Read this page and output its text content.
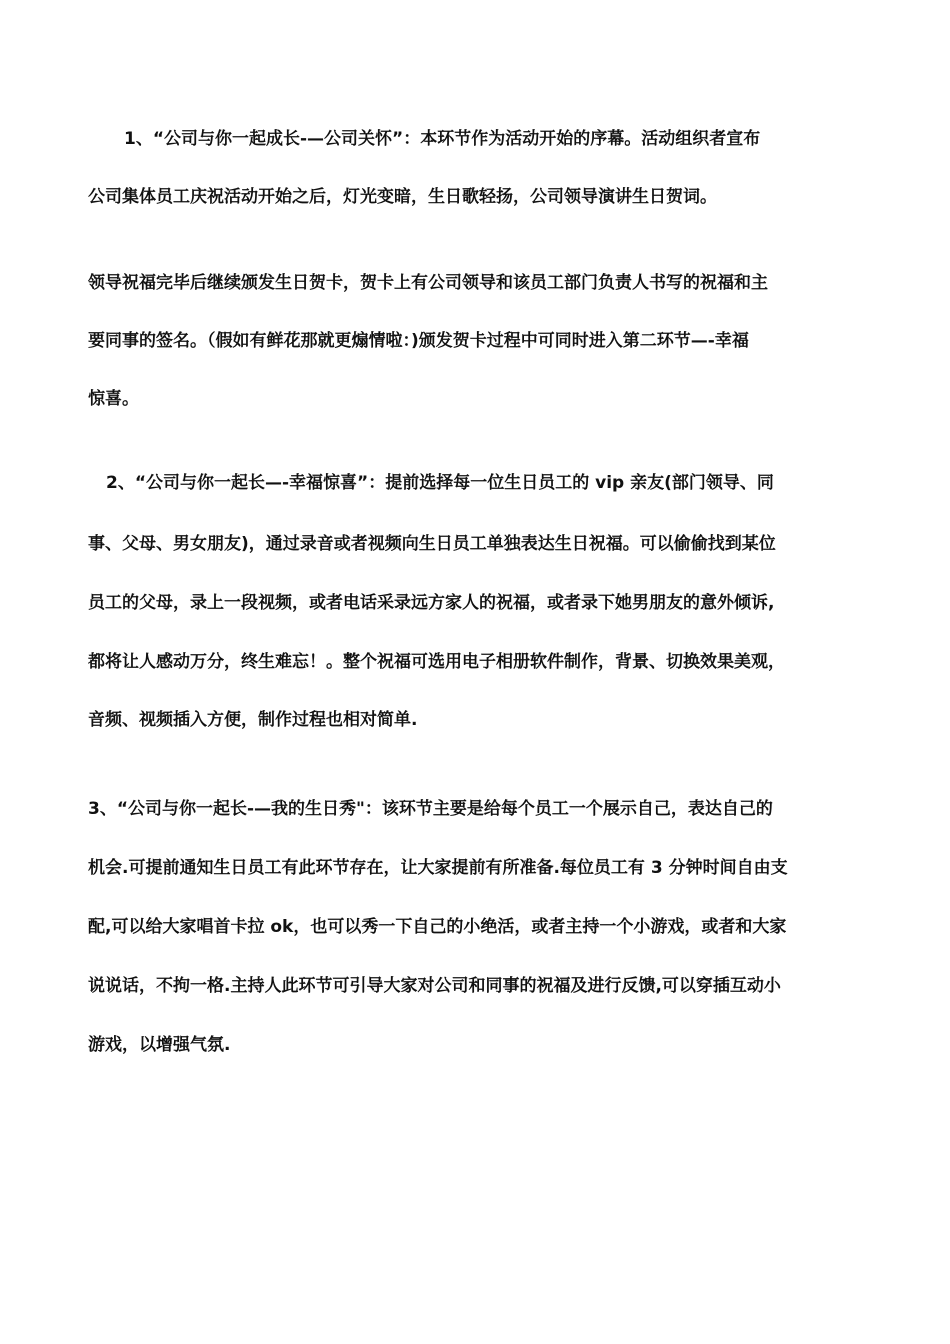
1、“公司与你一起成长-—公司关怀”：本环节作为活动开始的序幕。活动组织者宣布

公司集体员工庆祝活动开始之后，灯光变暗，生日歌轻扬，公司领导演讲生日贺词。

领导祝福完毕后继续颁发生日贺卡，贺卡上有公司领导和该员工部门负责人书写的祝福和主

要同事的签名。（假如有鲜花那就更煽情啦：)颁发贺卡过程中可同时进入第二环节—-幸福

惊喜。

2、“公司与你一起长—-幸福惊喜”：提前选择每一位生日员工的 vip 亲友(部门领导、同

事、父母、男女朋友)，通过录音或者视频向生日员工单独表达生日祝福。可以偷偷找到某位

员工的父母，录上一段视频，或者电话采录远方家人的祝福，或者录下她男朋友的意外倾诉,

都将让人感动万分，终生难忘！。整个祝福可选用电子相册软件制作，背景、切换效果美观，

音频、视频插入方便，制作过程也相对简单.

3、“公司与你一起长-—我的生日秀"：该环节主要是给每个员工一个展示自己，表达自己的

机会.可提前通知生日员工有此环节存在，让大家提前有所准备.每位员工有 3 分钟时间自由支

配,可以给大家唱首卡拉 ok，也可以秀一下自己的小绝活，或者主持一个小游戏，或者和大家

说说话，不拘一格.主持人此环节可引导大家对公司和同事的祝福及进行反馈,可以穿插互动小

游戏，以增强气氛.
